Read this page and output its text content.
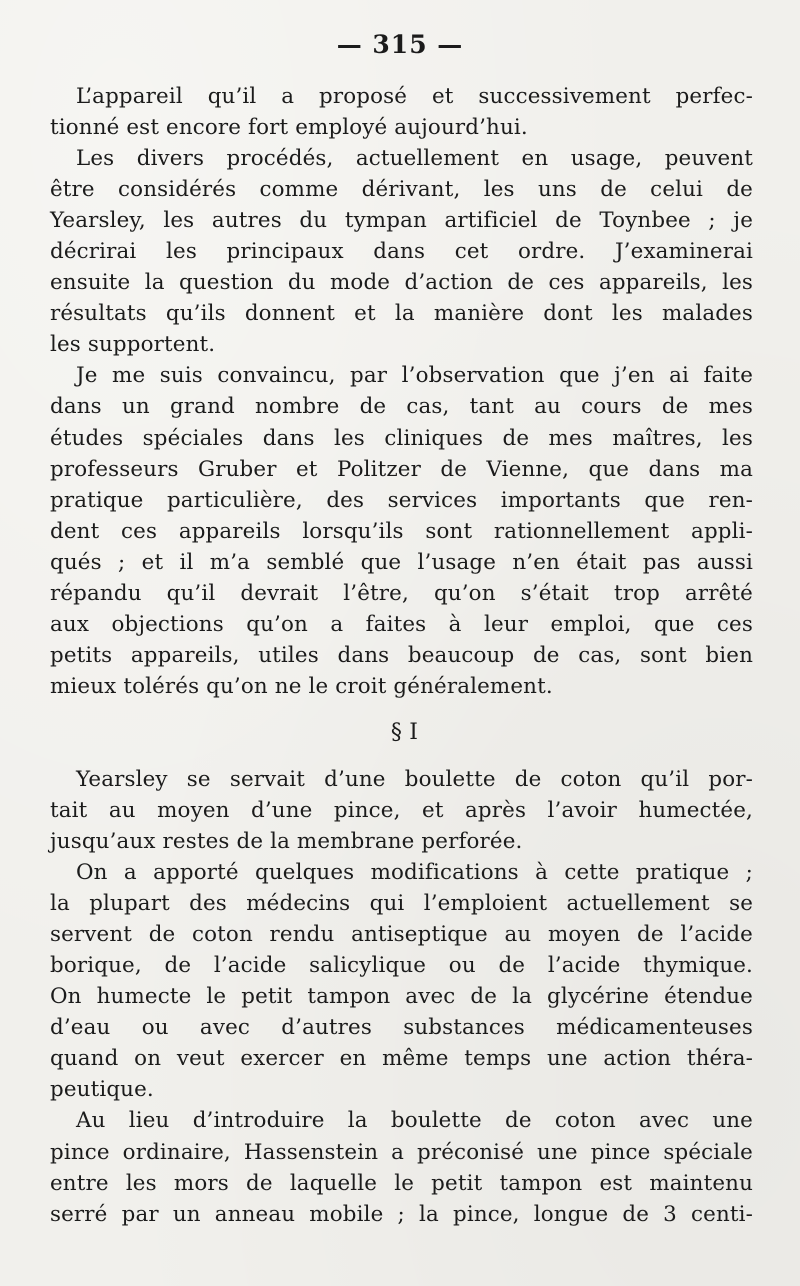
— 315 —
L’appareil qu’il a proposé et successivement perfec-
tionné est encore fort employé aujourd’hui.
Les divers procédés, actuellement en usage, peuvent
être considérés comme dérivant, les uns de celui de
Yearsley, les autres du tympan artificiel de Toynbee ; je
décrirai les principaux dans cet ordre. J’examinerai
ensuite la question du mode d’action de ces appareils, les
résultats qu’ils donnent et la manière dont les malades
les supportent.
Je me suis convaincu, par l’observation que j’en ai faite
dans un grand nombre de cas, tant au cours de mes
études spéciales dans les cliniques de mes maîtres, les
professeurs Gruber et Politzer de Vienne, que dans ma
pratique particulière, des services importants que ren-
dent ces appareils lorsqu’ils sont rationnellement appli-
qués ; et il m’a semblé que l’usage n’en était pas aussi
répandu qu’il devrait l’être, qu’on s’était trop arrêté
aux objections qu’on a faites à leur emploi, que ces
petits appareils, utiles dans beaucoup de cas, sont bien
mieux tolérés qu’on ne le croit généralement.
§ I
Yearsley se servait d’une boulette de coton qu’il por-
tait au moyen d’une pince, et après l’avoir humectée,
jusqu’aux restes de la membrane perforée.
On a apporté quelques modifications à cette pratique ;
la plupart des médecins qui l’emploient actuellement se
servent de coton rendu antiseptique au moyen de l’acide
borique, de l’acide salicylique ou de l’acide thymique.
On humecte le petit tampon avec de la glycérine étendue
d’eau ou avec d’autres substances médicamenteuses
quand on veut exercer en même temps une action théra-
peutique.
Au lieu d’introduire la boulette de coton avec une
pince ordinaire, Hassenstein a préconisé une pince spéciale
entre les mors de laquelle le petit tampon est maintenu
serré par un anneau mobile ; la pince, longue de 3 centi-
